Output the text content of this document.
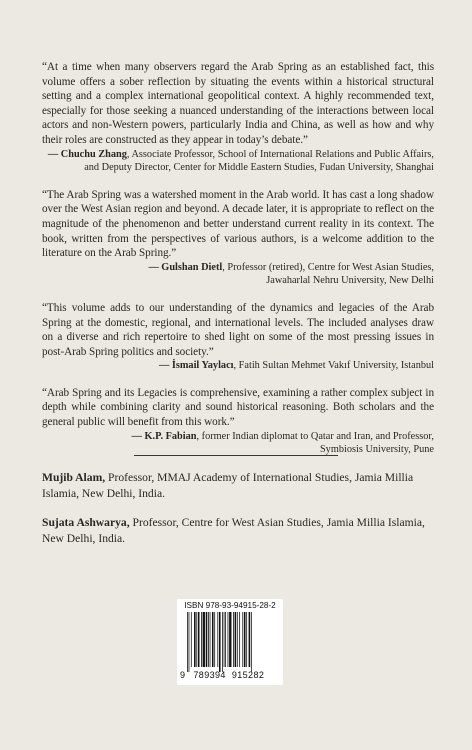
“At a time when many observers regard the Arab Spring as an established fact, this volume offers a sober reflection by situating the events within a historical structural setting and a complex international geopolitical context. A highly recommended text, especially for those seeking a nuanced understanding of the interactions between local actors and non-Western powers, particularly India and China, as well as how and why their roles are constructed as they appear in today’s debate.”

— Chuchu Zhang, Associate Professor, School of International Relations and Public Affairs,
and Deputy Director, Center for Middle Eastern Studies, Fudan University, Shanghai

“The Arab Spring was a watershed moment in the Arab world. It has cast a long shadow over the West Asian region and beyond. A decade later, it is appropriate to reflect on the magnitude of the phenomenon and better understand current reality in its context. The book, written from the perspectives of various authors, is a welcome addition to the literature on the Arab Spring.”

— Gulshan Dietl, Professor (retired), Centre for West Asian Studies,
Jawaharlal Nehru University, New Delhi

“This volume adds to our understanding of the dynamics and legacies of the Arab Spring at the domestic, regional, and international levels. The included analyses draw on a diverse and rich repertoire to shed light on some of the most pressing issues in post-Arab Spring politics and society.”

— İsmail Yaylacı, Fatih Sultan Mehmet Vakıf University, Istanbul

“Arab Spring and its Legacies is comprehensive, examining a rather complex subject in depth while combining clarity and sound historical reasoning. Both scholars and the general public will benefit from this work.”

— K.P. Fabian, former Indian diplomat to Qatar and Iran, and Professor,
Symbiosis University, Pune

Mujib Alam, Professor, MMAJ Academy of International Studies, Jamia Millia Islamia, New Delhi, India.

Sujata Ashwarya, Professor, Centre for West Asian Studies, Jamia Millia Islamia, New Delhi, India.

ISBN 978-93-94915-28-2
9 789394 915282
